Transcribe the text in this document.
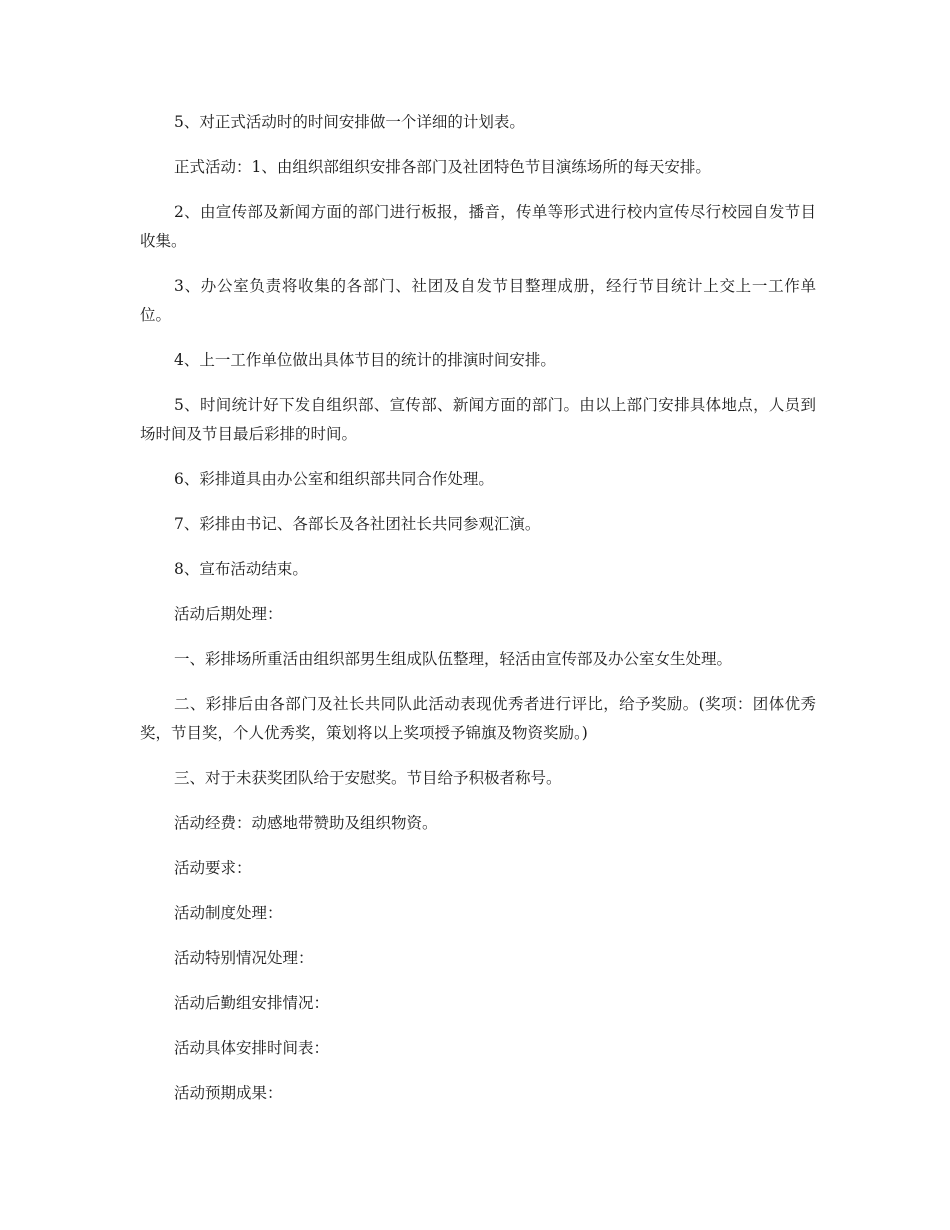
5、对正式活动时的时间安排做一个详细的计划表。

正式活动：1、由组织部组织安排各部门及社团特色节目演练场所的每天安排。

2、由宣传部及新闻方面的部门进行板报，播音，传单等形式进行校内宣传尽行校园自发节目收集。

3、办公室负责将收集的各部门、社团及自发节目整理成册，经行节目统计上交上一工作单位。

4、上一工作单位做出具体节目的统计的排演时间安排。

5、时间统计好下发自组织部、宣传部、新闻方面的部门。由以上部门安排具体地点，人员到场时间及节目最后彩排的时间。

6、彩排道具由办公室和组织部共同合作处理。

7、彩排由书记、各部长及各社团社长共同参观汇演。

8、宣布活动结束。

活动后期处理：

一、彩排场所重活由组织部男生组成队伍整理，轻活由宣传部及办公室女生处理。

二、彩排后由各部门及社长共同队此活动表现优秀者进行评比，给予奖励。(奖项：团体优秀奖，节目奖，个人优秀奖，策划将以上奖项授予锦旗及物资奖励。)

三、对于未获奖团队给于安慰奖。节目给予积极者称号。

活动经费：动感地带赞助及组织物资。

活动要求：

活动制度处理：

活动特别情况处理：

活动后勤组安排情况：

活动具体安排时间表：

活动预期成果：
